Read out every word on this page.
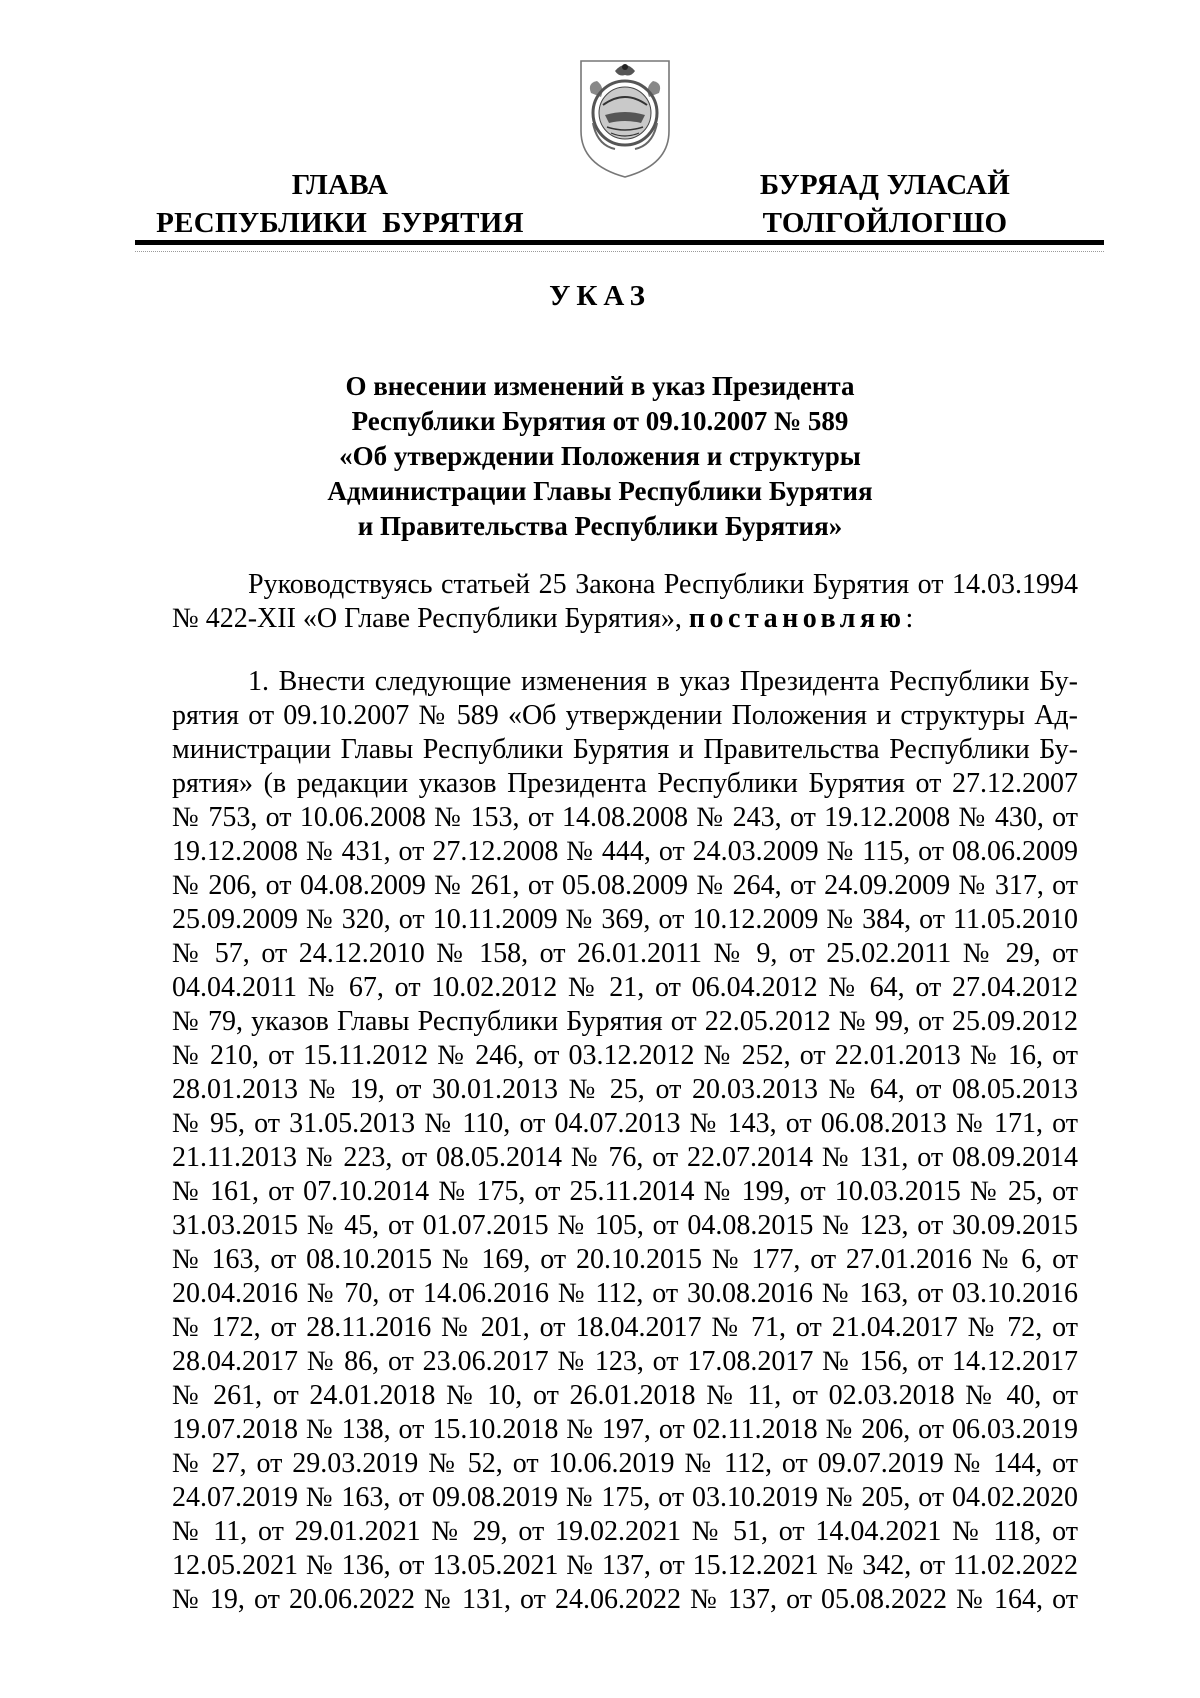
ГЛАВА
РЕСПУБЛИКИ  БУРЯТИЯ
БУРЯАД УЛАСАЙ
ТОЛГОЙЛОГШО
УКАЗ
О внесении изменений в указ Президента
Республики Бурятия от 09.10.2007 № 589
«Об утверждении Положения и структуры
Администрации Главы Республики Бурятия
и Правительства Республики Бурятия»
Руководствуясь статьей 25 Закона Республики Бурятия от 14.03.1994
№ 422-XII «О Главе Республики Бурятия», постановляю:
1. Внести следующие изменения в указ Президента Республики Бу-
рятия от 09.10.2007 № 589 «Об утверждении Положения и структуры Ад-
министрации Главы Республики Бурятия и Правительства Республики Бу-
рятия» (в редакции указов Президента Республики Бурятия от 27.12.2007
№ 753, от 10.06.2008 № 153, от 14.08.2008 № 243, от 19.12.2008 № 430, от
19.12.2008 № 431, от 27.12.2008 № 444, от 24.03.2009 № 115, от 08.06.2009
№ 206, от 04.08.2009 № 261, от 05.08.2009 № 264, от 24.09.2009 № 317, от
25.09.2009 № 320, от 10.11.2009 № 369, от 10.12.2009 № 384, от 11.05.2010
№ 57, от 24.12.2010 № 158, от 26.01.2011 № 9, от 25.02.2011 № 29, от
04.04.2011 № 67, от 10.02.2012 № 21, от 06.04.2012 № 64, от 27.04.2012
№ 79, указов Главы Республики Бурятия от 22.05.2012 № 99, от 25.09.2012
№ 210, от 15.11.2012 № 246, от 03.12.2012 № 252, от 22.01.2013 № 16, от
28.01.2013 № 19, от 30.01.2013 № 25, от 20.03.2013 № 64, от 08.05.2013
№ 95, от 31.05.2013 № 110, от 04.07.2013 № 143, от 06.08.2013 № 171, от
21.11.2013 № 223, от 08.05.2014 № 76, от 22.07.2014 № 131, от 08.09.2014
№ 161, от 07.10.2014 № 175, от 25.11.2014 № 199, от 10.03.2015 № 25, от
31.03.2015 № 45, от 01.07.2015 № 105, от 04.08.2015 № 123, от 30.09.2015
№ 163, от 08.10.2015 № 169, от 20.10.2015 № 177, от 27.01.2016 № 6, от
20.04.2016 № 70, от 14.06.2016 № 112, от 30.08.2016 № 163, от 03.10.2016
№ 172, от 28.11.2016 № 201, от 18.04.2017 № 71, от 21.04.2017 № 72, от
28.04.2017 № 86, от 23.06.2017 № 123, от 17.08.2017 № 156, от 14.12.2017
№ 261, от 24.01.2018 № 10, от 26.01.2018 № 11, от 02.03.2018 № 40, от
19.07.2018 № 138, от 15.10.2018 № 197, от 02.11.2018 № 206, от 06.03.2019
№ 27, от 29.03.2019 № 52, от 10.06.2019 № 112, от 09.07.2019 № 144, от
24.07.2019 № 163, от 09.08.2019 № 175, от 03.10.2019 № 205, от 04.02.2020
№ 11, от 29.01.2021 № 29, от 19.02.2021 № 51, от 14.04.2021 № 118, от
12.05.2021 № 136, от 13.05.2021 № 137, от 15.12.2021 № 342, от 11.02.2022
№ 19, от 20.06.2022 № 131, от 24.06.2022 № 137, от 05.08.2022 № 164, от
